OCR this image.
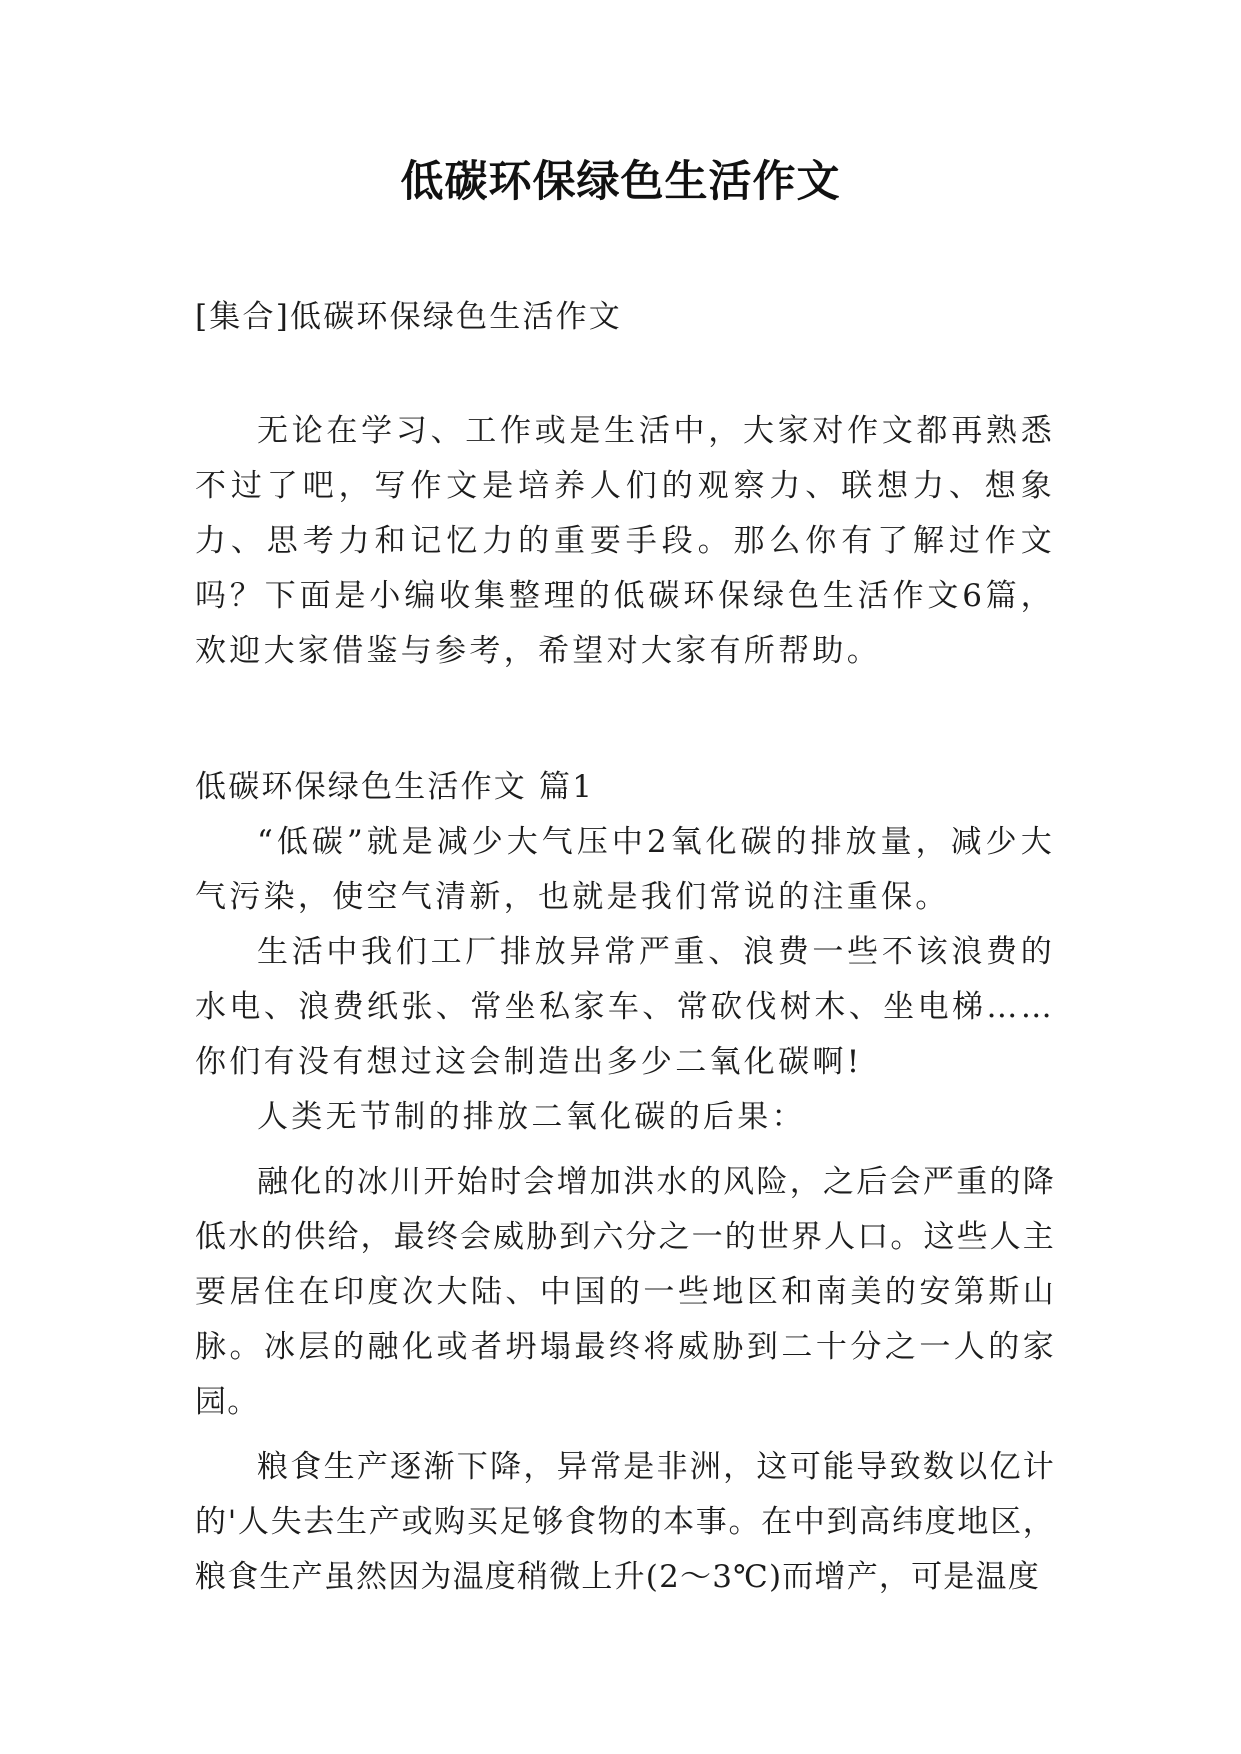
低碳环保绿色生活作文

[集合]低碳环保绿色生活作文

无论在学习、工作或是生活中，大家对作文都再熟悉不过了吧，写作文是培养人们的观察力、联想力、想象力、思考力和记忆力的重要手段。那么你有了解过作文吗？下面是小编收集整理的低碳环保绿色生活作文6篇，欢迎大家借鉴与参考，希望对大家有所帮助。

低碳环保绿色生活作文 篇1

“低碳”就是减少大气压中2氧化碳的排放量，减少大气污染，使空气清新，也就是我们常说的注重保。

生活中我们工厂排放异常严重、浪费一些不该浪费的水电、浪费纸张、常坐私家车、常砍伐树木、坐电梯……你们有没有想过这会制造出多少二氧化碳啊!

人类无节制的排放二氧化碳的后果：

融化的冰川开始时会增加洪水的风险，之后会严重的降低水的供给，最终会威胁到六分之一的世界人口。这些人主要居住在印度次大陆、中国的一些地区和南美的安第斯山脉。冰层的融化或者坍塌最终将威胁到二十分之一人的家园。

粮食生产逐渐下降，异常是非洲，这可能导致数以亿计的'人失去生产或购买足够食物的本事。在中到高纬度地区，粮食生产虽然因为温度稍微上升(2～3℃)而增产，可是温度
